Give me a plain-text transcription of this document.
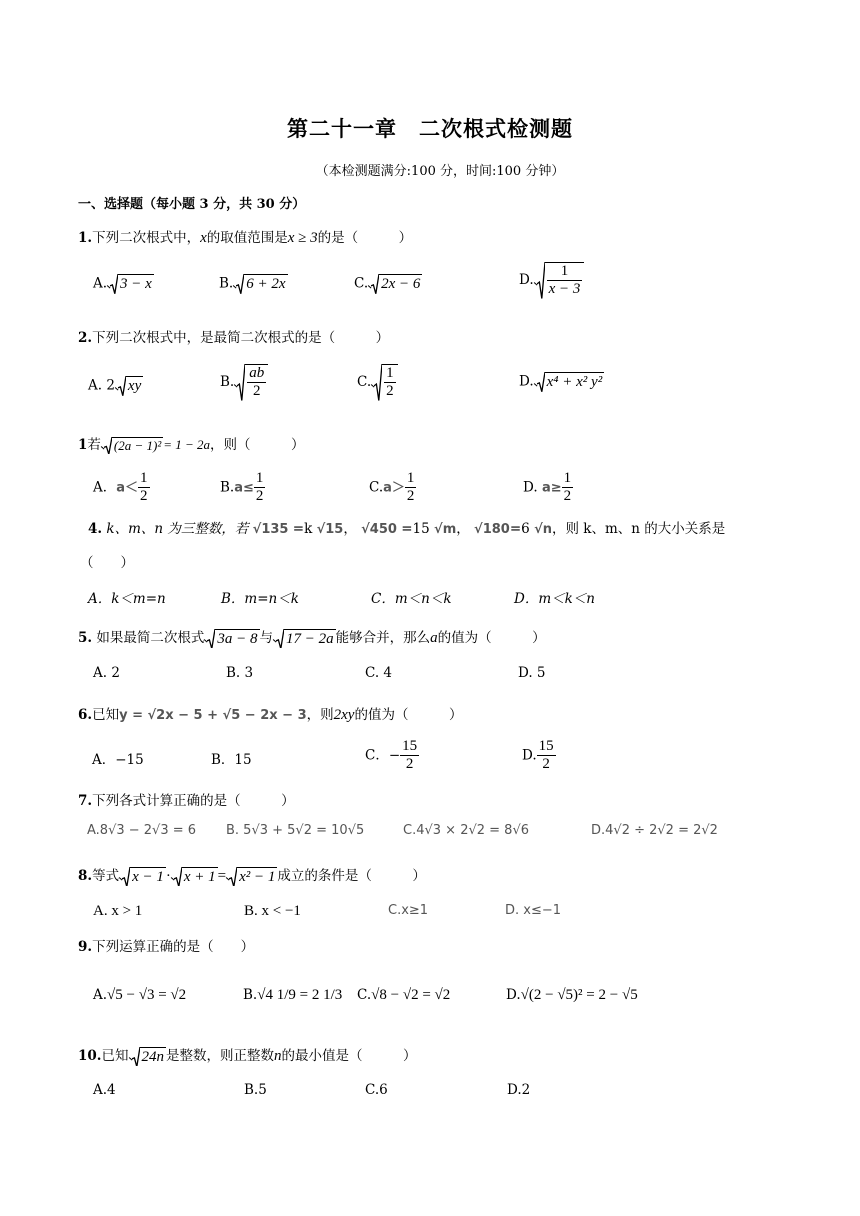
第二十一章　二次根式检测题
（本检测题满分:100 分，时间:100 分钟）
一、选择题（每小题 3 分，共 30 分）
1.下列二次根式中，x的取值范围是x ≥ 3的是（　　　）
A. 3 − x	B. 6 + 2x	C. 2x − 6	D. $\frac{1}{x - 3}$
2.下列二次根式中，是最简二次根式的是（　　　）
A. 2 xy	B. $\frac{ab}{2}$	C. $\frac{1}{2}$	D. x⁴ + x² y²
1若 (2a − 1)² = 1 − 2a，则（　　　）
A．$a< \frac{1}{2}$	$B.a\le \frac{1}{2}$	$C.a> \frac{1}{2}$	D. $a\ge \frac{1}{2}$
4. k、m、n 为三整数，若 √135 =k √15， √450 =15 √m， √180=6 √n，则 k、m、n 的大小关系是
（　　）
A．k＜m=n	B．m=n＜k	C．m＜n＜k	D．m＜k＜n
5. 如果最简二次根式 3a − 8 与 17 − 2a 能够合并，那么a的值为（　　　）
A. 2	B. 3	C. 4	D. 5
6.已知y = √2x − 5 + √5 − 2x − 3，则2xy的值为（　　　）
A．−15	B．15	C．− $\frac{15}{2}$	D. $\frac{15}{2}$
7.下列各式计算正确的是（　　　）
A.8√3 − 2√3 = 6 B. 5√3 + 5√2 = 10√5	C.4√3 × 2√2 = 8√6	D.4√2 ÷ 2√2 = 2√2
8.等式 x − 1 · x + 1 = x² − 1 成立的条件是（　　　）
A. x > 1	B. x < −1	C.x≥1	D. x≤−1
9.下列运算正确的是（　　）
A.√5 − √3 = √2	B.√4 1/9 = 2 1/3 C.√8 − √2 = √2	D.√(2 − √5)² = 2 − √5
10.已知 24n 是整数，则正整数n的最小值是（　　　）
A.4	B.5	C.6	D.2
